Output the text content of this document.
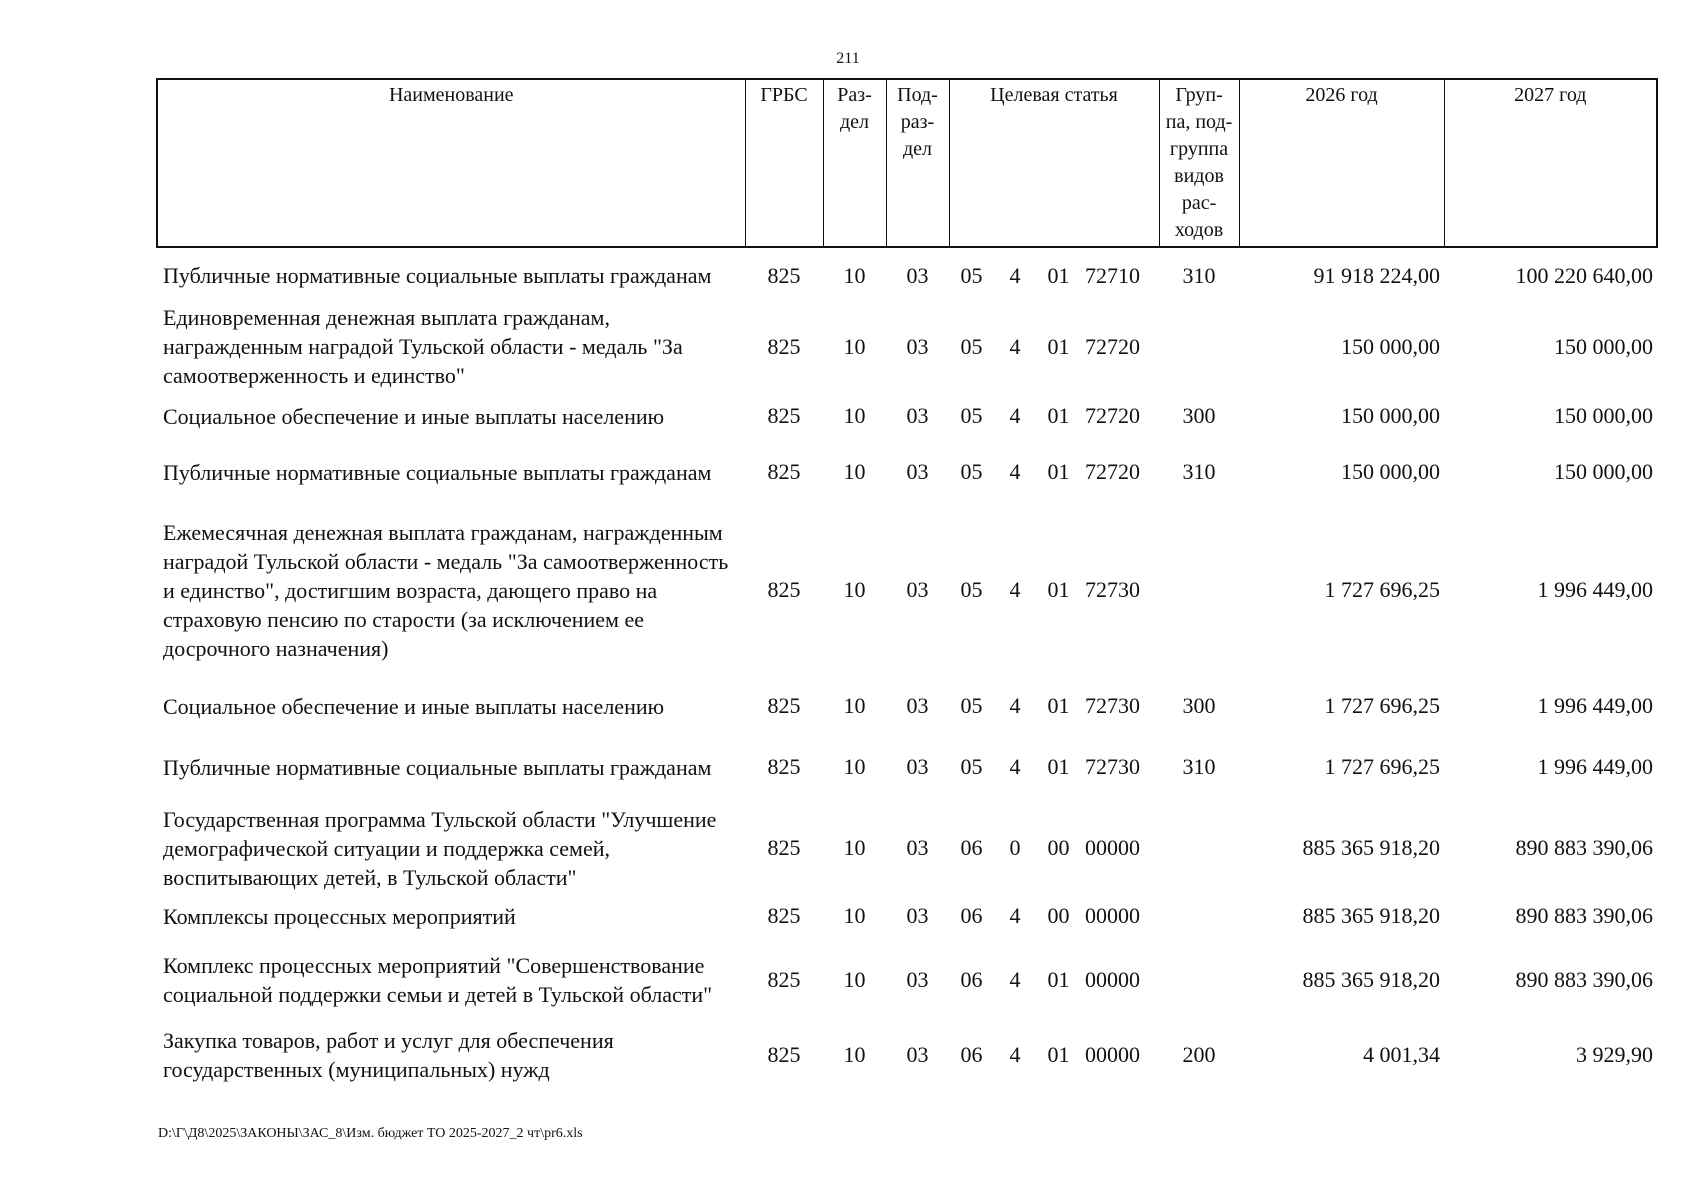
211
Наименование	ГРБС	Раз- дел	Под- раз- дел	Целевая статья				Груп- па, под- группа видов рас- ходов	2026 год	2027 год
Публичные нормативные социальные выплаты гражданам	825	10	03	05	4	01	72710	310	91 918 224,00	100 220 640,00
Единовременная денежная выплата гражданам, награжденным наградой Тульской области - медаль "За самоотверженность и единство"	825	10	03	05	4	01	72720		150 000,00	150 000,00
Социальное обеспечение и иные выплаты населению	825	10	03	05	4	01	72720	300	150 000,00	150 000,00
Публичные нормативные социальные выплаты гражданам	825	10	03	05	4	01	72720	310	150 000,00	150 000,00
Ежемесячная денежная выплата гражданам, награжденным наградой Тульской области - медаль "За самоотверженность и единство", достигшим возраста, дающего право на страховую пенсию по старости (за исключением ее досрочного назначения)	825	10	03	05	4	01	72730		1 727 696,25	1 996 449,00
Социальное обеспечение и иные выплаты населению	825	10	03	05	4	01	72730	300	1 727 696,25	1 996 449,00
Публичные нормативные социальные выплаты гражданам	825	10	03	05	4	01	72730	310	1 727 696,25	1 996 449,00
Государственная программа Тульской области "Улучшение демографической ситуации и поддержка семей, воспитывающих детей, в Тульской области"	825	10	03	06	0	00	00000		885 365 918,20	890 883 390,06
Комплексы процессных мероприятий	825	10	03	06	4	00	00000		885 365 918,20	890 883 390,06
Комплекс процессных мероприятий "Совершенствование социальной поддержки семьи и детей в Тульской области"	825	10	03	06	4	01	00000		885 365 918,20	890 883 390,06
Закупка товаров, работ и услуг для обеспечения государственных (муниципальных) нужд	825	10	03	06	4	01	00000	200	4 001,34	3 929,90
D:\Г\Д8\2025\ЗАКОНЫ\ЗАС_8\Изм. бюджет ТО 2025-2027_2 чт\pr6.xls
